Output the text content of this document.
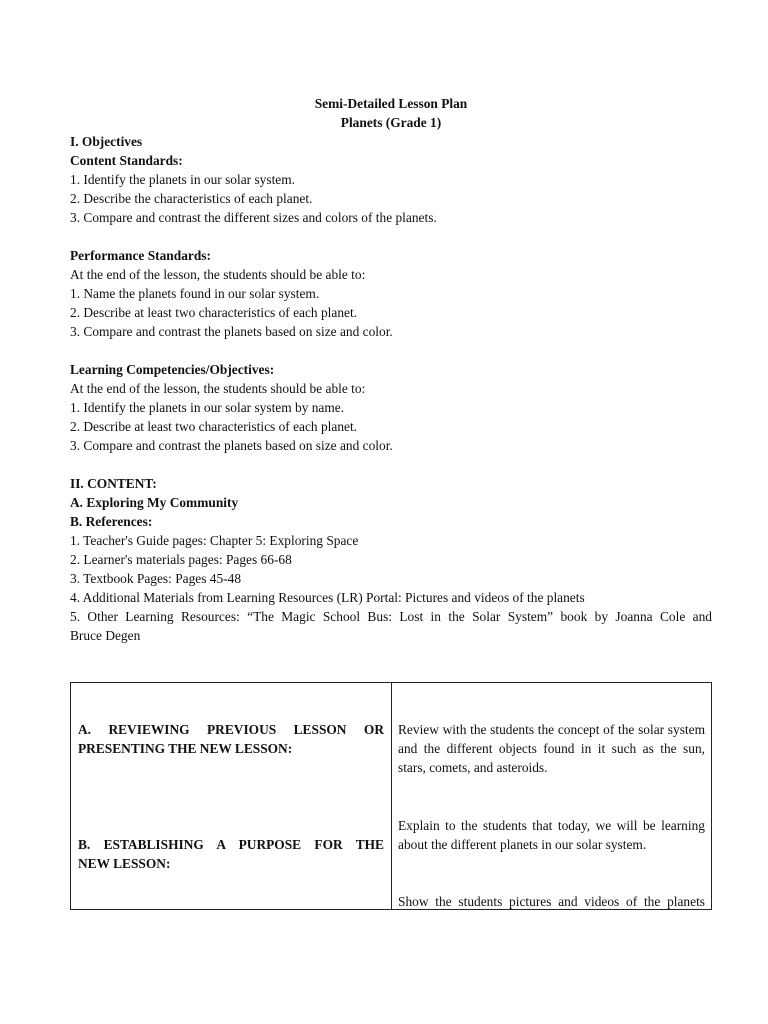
Semi-Detailed Lesson Plan
Planets (Grade 1)
I. Objectives
Content Standards:
1. Identify the planets in our solar system.
2. Describe the characteristics of each planet.
3. Compare and contrast the different sizes and colors of the planets.
Performance Standards:
At the end of the lesson, the students should be able to:
1. Name the planets found in our solar system.
2. Describe at least two characteristics of each planet.
3. Compare and contrast the planets based on size and color.
Learning Competencies/Objectives:
At the end of the lesson, the students should be able to:
1. Identify the planets in our solar system by name.
2. Describe at least two characteristics of each planet.
3. Compare and contrast the planets based on size and color.
II. CONTENT:
A. Exploring My Community
B. References:
1. Teacher's Guide pages: Chapter 5: Exploring Space
2. Learner's materials pages: Pages 66-68
3. Textbook Pages: Pages 45-48
4. Additional Materials from Learning Resources (LR) Portal: Pictures and videos of the planets
5. Other Learning Resources: “The Magic School Bus: Lost in the Solar System” book by Joanna Cole and
Bruce Degen
A. REVIEWING PREVIOUS LESSON OR
PRESENTING THE NEW LESSON:
Review with the students the concept of the solar system and the different objects found in it such as the sun, stars, comets, and asteroids.
B. ESTABLISHING A PURPOSE FOR THE
NEW LESSON:
Explain to the students that today, we will be learning about the different planets in our solar system.
Show the students pictures and videos of the planets
